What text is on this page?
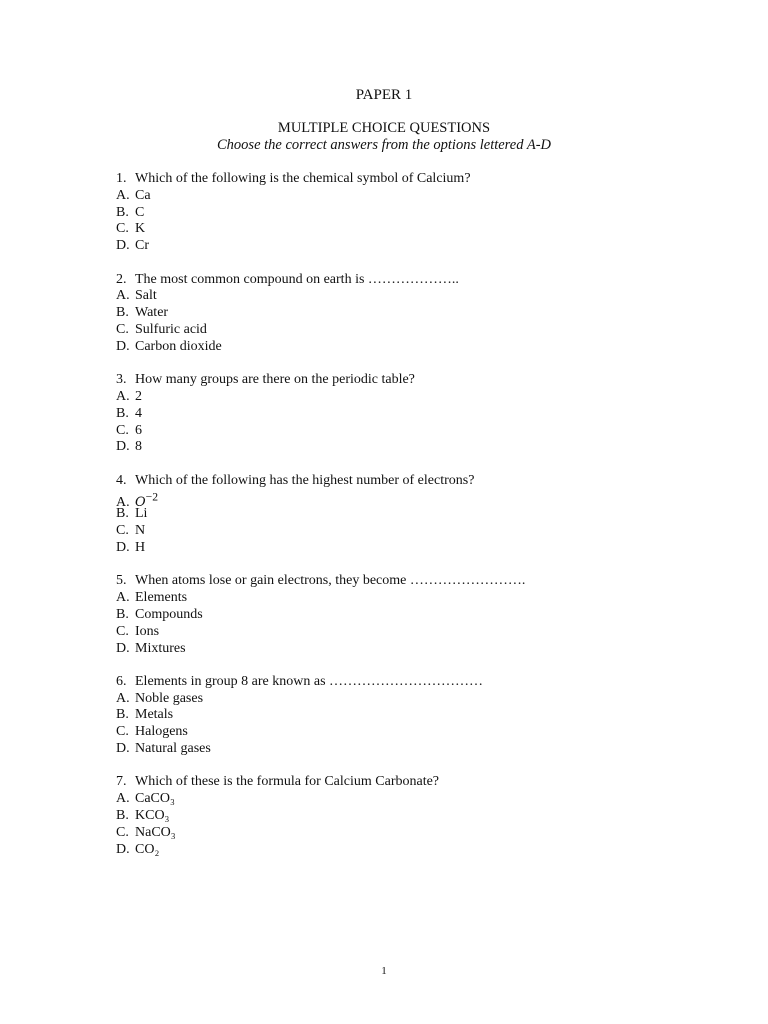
PAPER 1
MULTIPLE CHOICE QUESTIONS
Choose the correct answers from the options lettered A-D
1. Which of the following is the chemical symbol of Calcium?
A. Ca
B. C
C. K
D. Cr
2. The most common compound on earth is ………………..
A. Salt
B. Water
C. Sulfuric acid
D. Carbon dioxide
3. How many groups are there on the periodic table?
A. 2
B. 4
C. 6
D. 8
4. Which of the following has the highest number of electrons?
A. $O^{-2}$
B. Li
C. N
D. H
5. When atoms lose or gain electrons, they become …………………….
A. Elements
B. Compounds
C. Ions
D. Mixtures
6. Elements in group 8 are known as ……………………………
A. Noble gases
B. Metals
C. Halogens
D. Natural gases
7. Which of these is the formula for Calcium Carbonate?
A. CaCO₃
B. KCO₃
C. NaCO₃
D. CO₂
1
